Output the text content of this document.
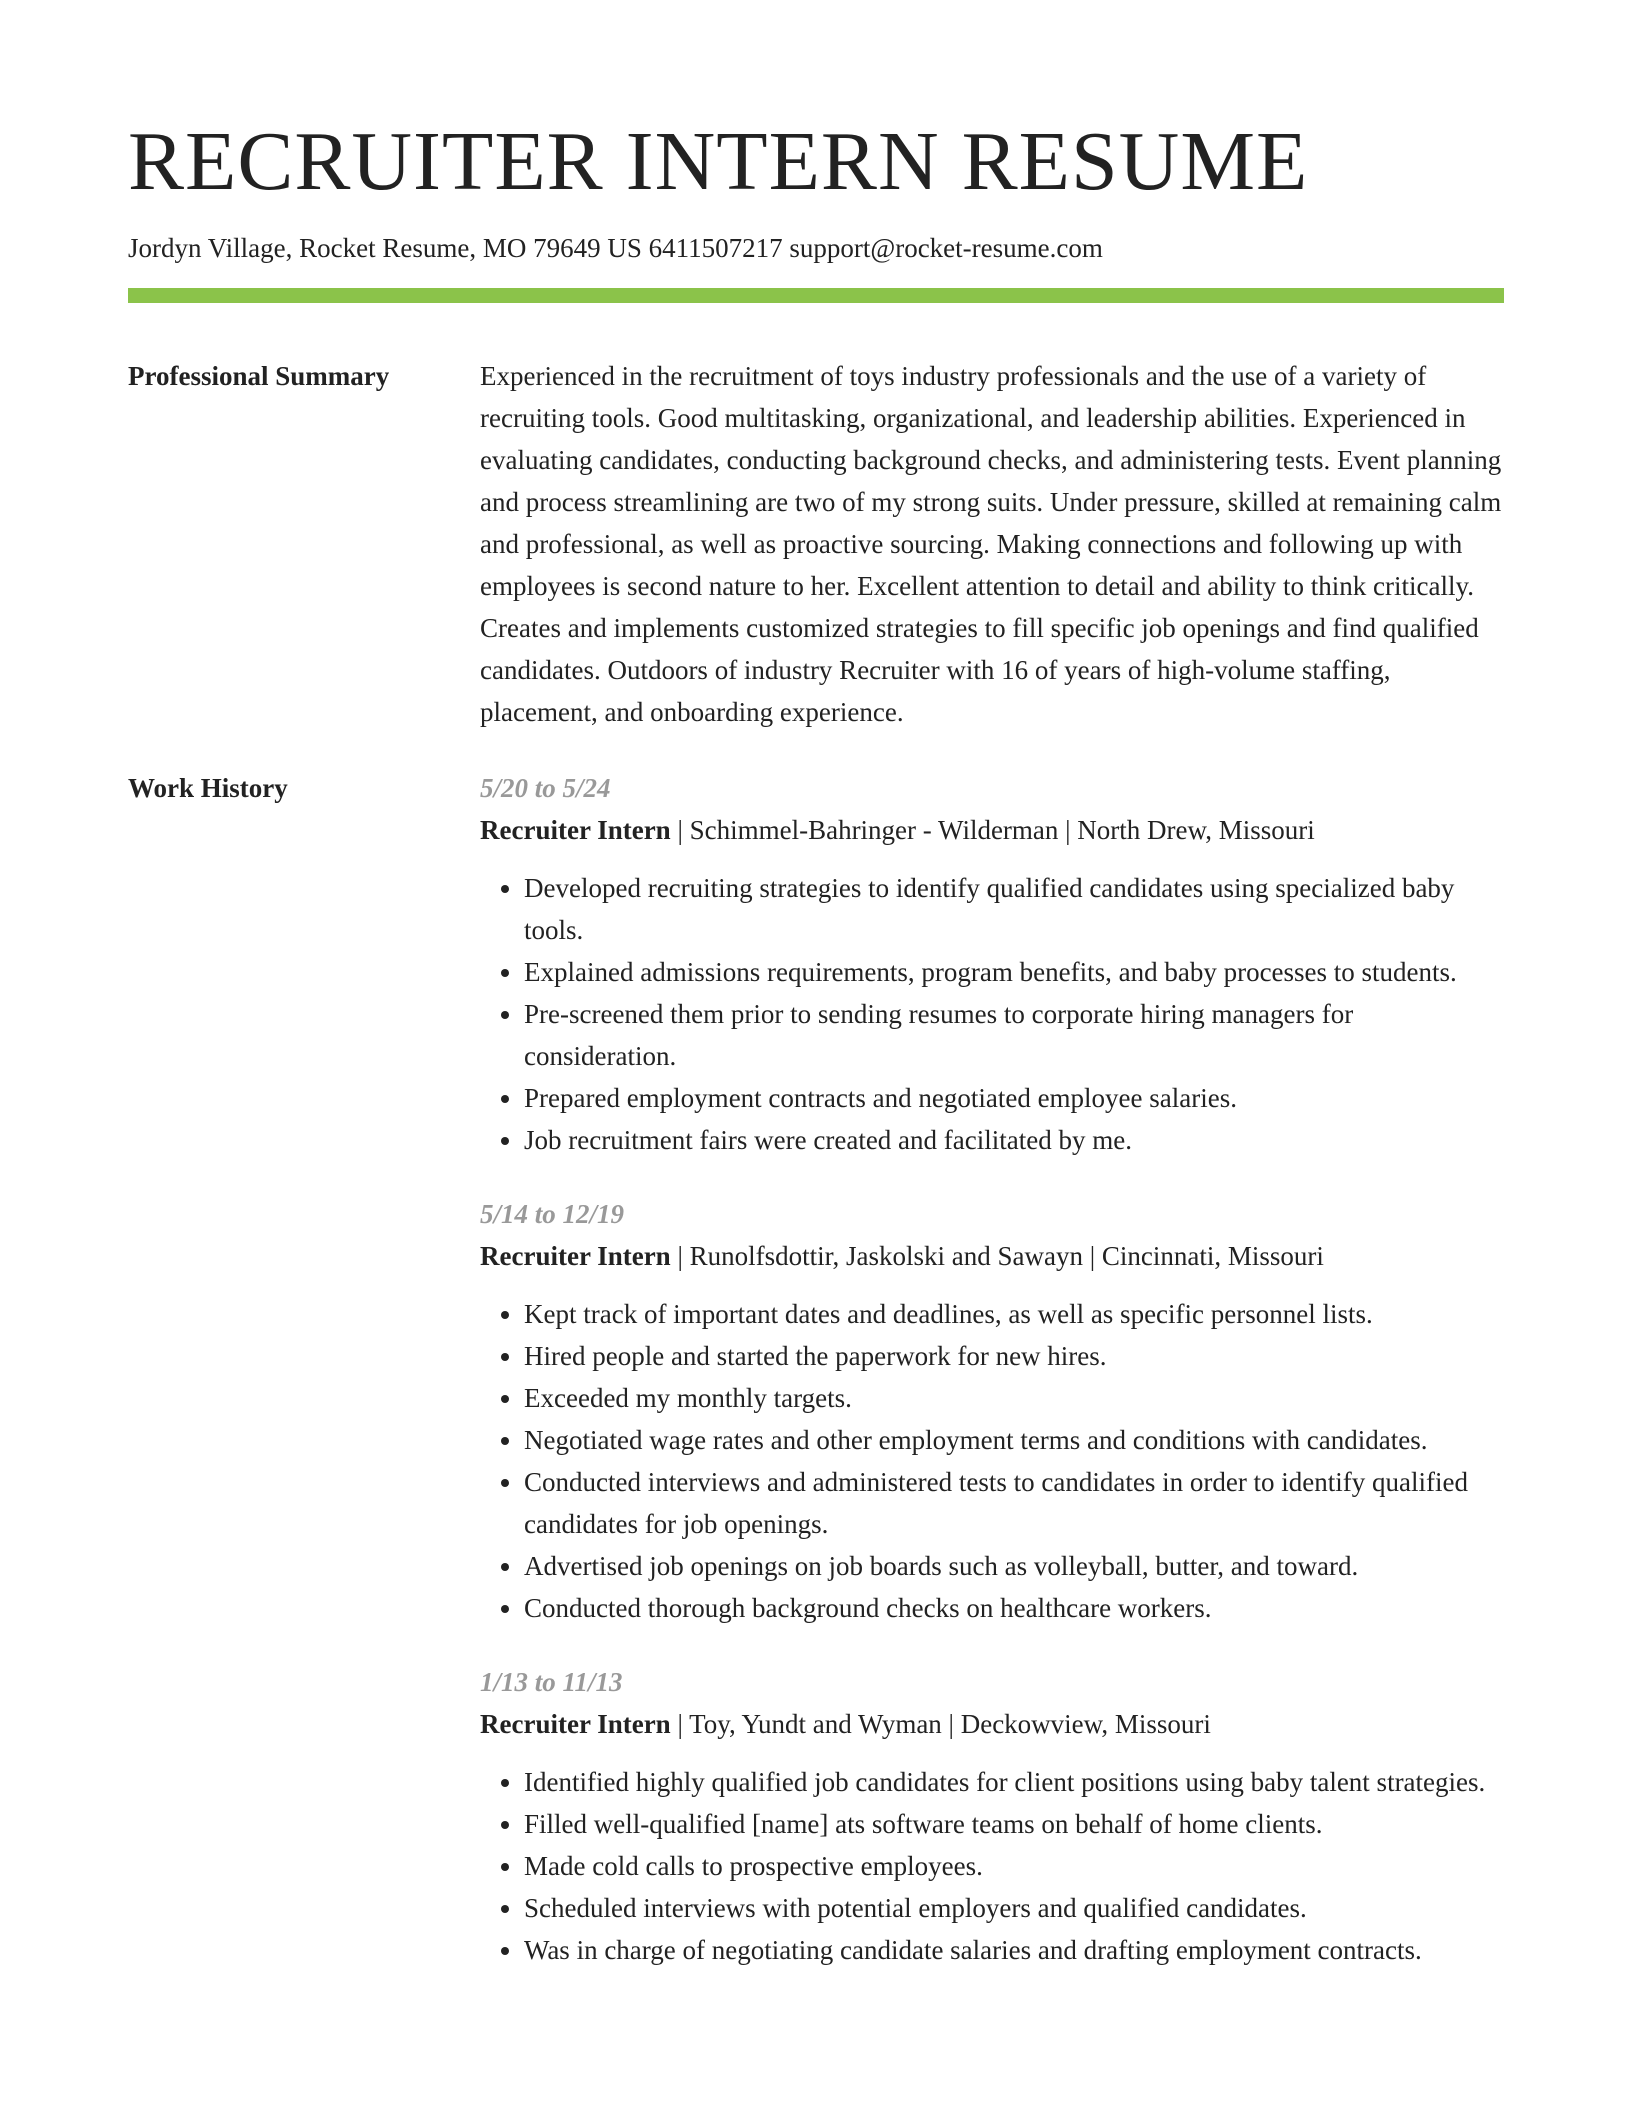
RECRUITER INTERN RESUME
Jordyn Village, Rocket Resume, MO 79649 US 6411507217 support@rocket-resume.com
Professional Summary	Experienced in the recruitment of toys industry professionals and the use of a variety of recruiting tools. Good multitasking, organizational, and leadership abilities. Experienced in evaluating candidates, conducting background checks, and administering tests. Event planning and process streamlining are two of my strong suits. Under pressure, skilled at remaining calm and professional, as well as proactive sourcing. Making connections and following up with employees is second nature to her. Excellent attention to detail and ability to think critically. Creates and implements customized strategies to fill specific job openings and find qualified candidates. Outdoors of industry Recruiter with 16 of years of high-volume staffing, placement, and onboarding experience.

Work History	5/20 to 5/24
Recruiter Intern | Schimmel-Bahringer - Wilderman | North Drew, Missouri
• Developed recruiting strategies to identify qualified candidates using specialized baby tools.
• Explained admissions requirements, program benefits, and baby processes to students.
• Pre-screened them prior to sending resumes to corporate hiring managers for consideration.
• Prepared employment contracts and negotiated employee salaries.
• Job recruitment fairs were created and facilitated by me.
5/14 to 12/19
Recruiter Intern | Runolfsdottir, Jaskolski and Sawayn | Cincinnati, Missouri
• Kept track of important dates and deadlines, as well as specific personnel lists.
• Hired people and started the paperwork for new hires.
• Exceeded my monthly targets.
• Negotiated wage rates and other employment terms and conditions with candidates.
• Conducted interviews and administered tests to candidates in order to identify qualified candidates for job openings.
• Advertised job openings on job boards such as volleyball, butter, and toward.
• Conducted thorough background checks on healthcare workers.
1/13 to 11/13
Recruiter Intern | Toy, Yundt and Wyman | Deckowview, Missouri
• Identified highly qualified job candidates for client positions using baby talent strategies.
• Filled well-qualified [name] ats software teams on behalf of home clients.
• Made cold calls to prospective employees.
• Scheduled interviews with potential employers and qualified candidates.
• Was in charge of negotiating candidate salaries and drafting employment contracts.
